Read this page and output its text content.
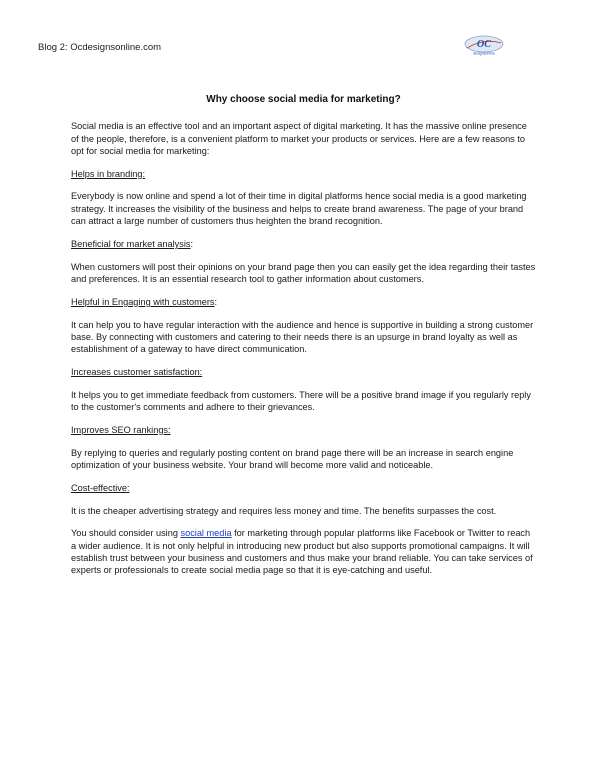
Blog 2: Ocdesignsonline.com	OC
designsonline
Why choose social media for marketing?

Social media is an effective tool and an important aspect of digital marketing. It has the massive online presence of the people, therefore, is a convenient platform to market your products or services. Here are a few reasons to opt for social media for marketing:

Helps in branding:

Everybody is now online and spend a lot of their time in digital platforms hence social media is a good marketing strategy. It increases the visibility of the business and helps to create brand awareness. The page of your brand can attract a large number of customers thus heighten the brand recognition.

Beneficial for market analysis:

When customers will post their opinions on your brand page then you can easily get the idea regarding their tastes and preferences. It is an essential research tool to gather information about customers.

Helpful in Engaging with customers:

It can help you to have regular interaction with the audience and hence is supportive in building a strong customer base. By connecting with customers and catering to their needs there is an upsurge in brand loyalty as well as establishment of a gateway to have direct communication.

Increases customer satisfaction:

It helps you to get immediate feedback from customers. There will be a positive brand image if you regularly reply to the customer's comments and adhere to their grievances.

Improves SEO rankings:

By replying to queries and regularly posting content on brand page there will be an increase in search engine optimization of your business website. Your brand will become more valid and noticeable.

Cost-effective:

It is the cheaper advertising strategy and requires less money and time. The benefits surpasses the cost.

You should consider using social media for marketing through popular platforms like Facebook or Twitter to reach a wider audience. It is not only helpful in introducing new product but also supports promotional campaigns. It will establish trust between your business and customers and thus make your brand reliable. You can take services of experts or professionals to create social media page so that it is eye-catching and useful.
